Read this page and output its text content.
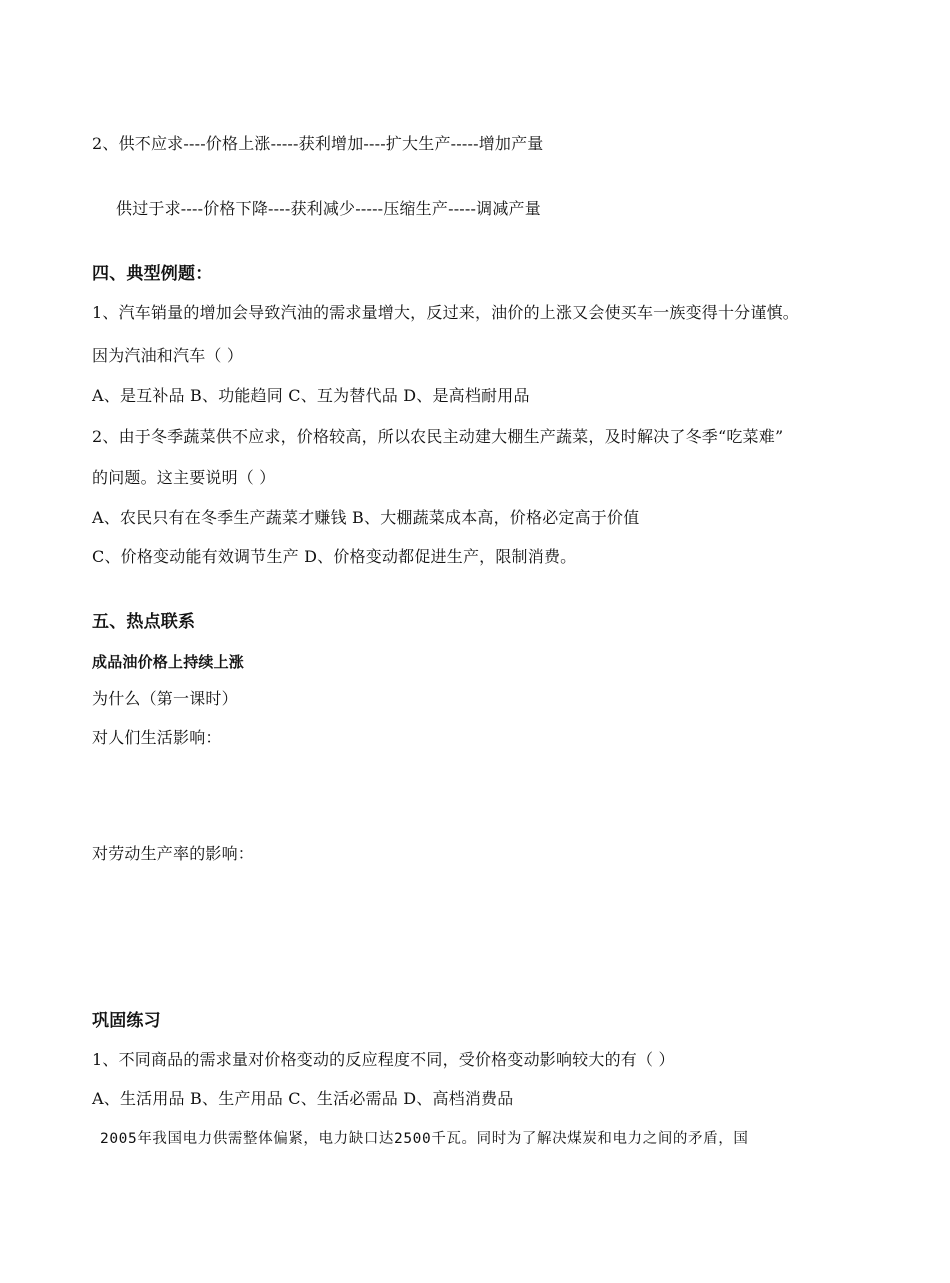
2、供不应求----价格上涨-----获利增加----扩大生产-----增加产量
供过于求----价格下降----获利减少-----压缩生产-----调减产量
四、典型例题：
1、汽车销量的增加会导致汽油的需求量增大，反过来，油价的上涨又会使买车一族变得十分谨慎。
因为汽油和汽车（ ）
A、是互补品 B、功能趋同 C、互为替代品 D、是高档耐用品
2、由于冬季蔬菜供不应求，价格较高，所以农民主动建大棚生产蔬菜，及时解决了冬季“吃菜难”
的问题。这主要说明（ ）
A、农民只有在冬季生产蔬菜才赚钱 B、大棚蔬菜成本高，价格必定高于价值
C、价格变动能有效调节生产 D、价格变动都促进生产，限制消费。
五、热点联系
成品油价格上持续上涨
为什么（第一课时）
对人们生活影响：
对劳动生产率的影响：
巩固练习
1、不同商品的需求量对价格变动的反应程度不同，受价格变动影响较大的有（ ）
A、生活用品 B、生产用品 C、生活必需品 D、高档消费品
2005年我国电力供需整体偏紧，电力缺口达2500千瓦。同时为了解决煤炭和电力之间的矛盾，国
